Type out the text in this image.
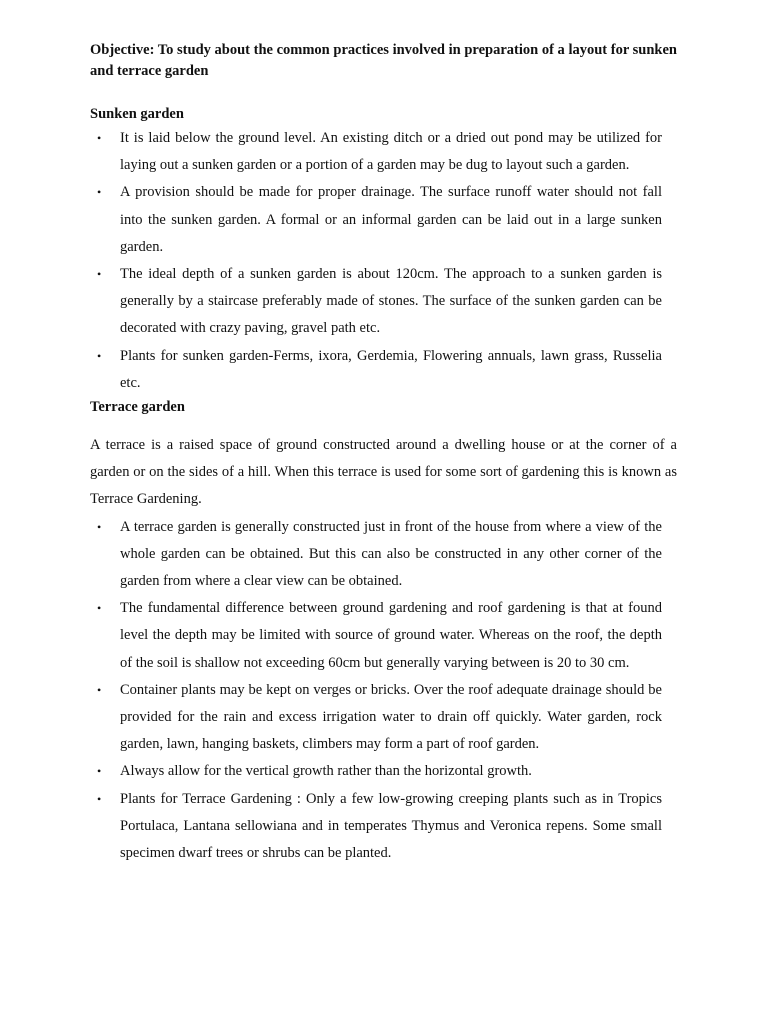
Objective: To study about the common practices involved in preparation of a layout for sunken and terrace garden

Sunken garden

• It is laid below the ground level. An existing ditch or a dried out pond may be utilized for laying out a sunken garden or a portion of a garden may be dug to layout such a garden.
• A provision should be made for proper drainage. The surface runoff water should not fall into the sunken garden. A formal or an informal garden can be laid out in a large sunken garden.
• The ideal depth of a sunken garden is about 120cm. The approach to a sunken garden is generally by a staircase preferably made of stones. The surface of the sunken garden can be decorated with crazy paving, gravel path etc.
• Plants for sunken garden-Ferms, ixora, Gerdemia, Flowering annuals, lawn grass, Russelia etc.

Terrace garden

A terrace is a raised space of ground constructed around a dwelling house or at the corner of a garden or on the sides of a hill. When this terrace is used for some sort of gardening this is known as Terrace Gardening.

• A terrace garden is generally constructed just in front of the house from where a view of the whole garden can be obtained. But this can also be constructed in any other corner of the garden from where a clear view can be obtained.
• The fundamental difference between ground gardening and roof gardening is that at found level the depth may be limited with source of ground water. Whereas on the roof, the depth of the soil is shallow not exceeding 60cm but generally varying between is 20 to 30 cm.
• Container plants may be kept on verges or bricks. Over the roof adequate drainage should be provided for the rain and excess irrigation water to drain off quickly. Water garden, rock garden, lawn, hanging baskets, climbers may form a part of roof garden.
• Always allow for the vertical growth rather than the horizontal growth.
• Plants for Terrace Gardening : Only a few low-growing creeping plants such as in Tropics Portulaca, Lantana sellowiana and in temperates Thymus and Veronica repens. Some small specimen dwarf trees or shrubs can be planted.
